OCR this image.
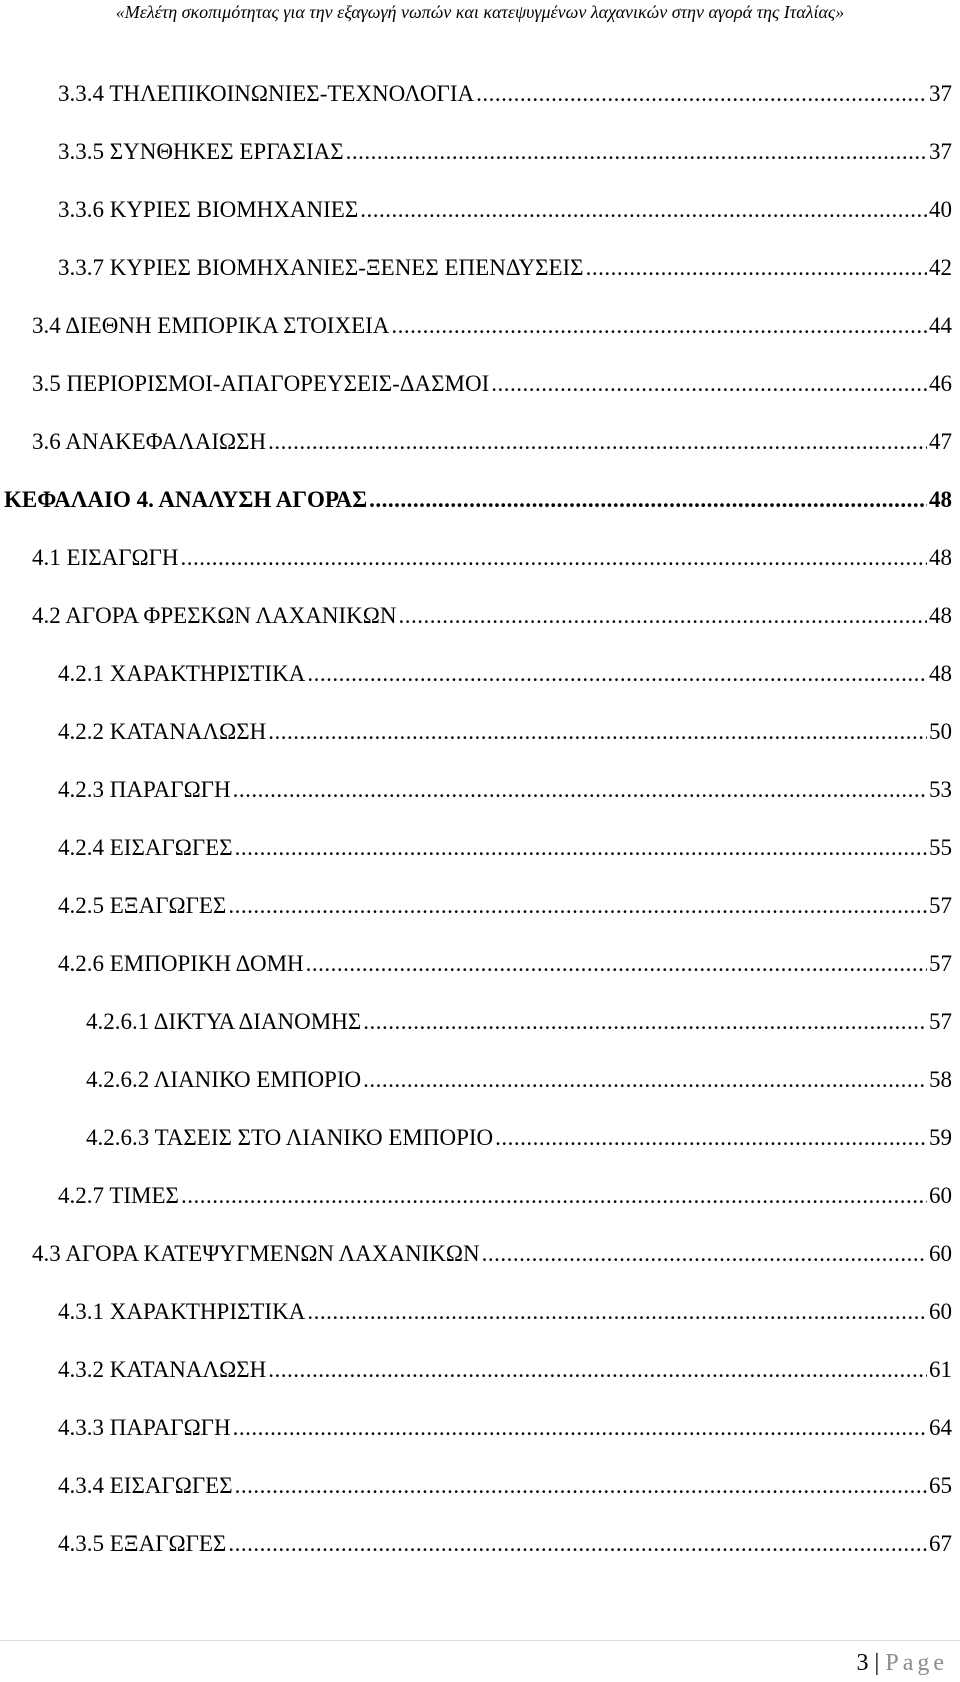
«Μελέτη σκοπιμότητας για την εξαγωγή νωπών και κατεψυγμένων λαχανικών στην αγορά της Ιταλίας»
3.3.4 ΤΗΛΕΠΙΚΟΙΝΩΝΙΕΣ-ΤΕΧΝΟΛΟΓΙΑ .....	37
3.3.5 ΣΥΝΘΗΚΕΣ ΕΡΓΑΣΙΑΣ .....	37
3.3.6 ΚΥΡΙΕΣ ΒΙΟΜΗΧΑΝΙΕΣ .....	40
3.3.7 ΚΥΡΙΕΣ ΒΙΟΜΗΧΑΝΙΕΣ-ΞΕΝΕΣ ΕΠΕΝΔΥΣΕΙΣ .....	42
3.4 ΔΙΕΘΝΗ ΕΜΠΟΡΙΚΑ ΣΤΟΙΧΕΙΑ .....	44
3.5 ΠΕΡΙΟΡΙΣΜΟΙ-ΑΠΑΓΟΡΕΥΣΕΙΣ-ΔΑΣΜΟΙ .....	46
3.6 ΑΝΑΚΕΦΑΛΑΙΩΣΗ .....	47
ΚΕΦΑΛΑΙΟ 4. ΑΝΑΛΥΣΗ ΑΓΟΡΑΣ .....	48
4.1 ΕΙΣΑΓΩΓΗ .....	48
4.2 ΑΓΟΡΑ ΦΡΕΣΚΩΝ ΛΑΧΑΝΙΚΩΝ .....	48
4.2.1 ΧΑΡΑΚΤΗΡΙΣΤΙΚΑ .....	48
4.2.2 ΚΑΤΑΝΑΛΩΣΗ .....	50
4.2.3 ΠΑΡΑΓΩΓΗ .....	53
4.2.4 ΕΙΣΑΓΩΓΕΣ .....	55
4.2.5 ΕΞΑΓΩΓΕΣ .....	57
4.2.6 ΕΜΠΟΡΙΚΗ ΔΟΜΗ .....	57
4.2.6.1 ΔΙΚΤΥΑ ΔΙΑΝΟΜΗΣ .....	57
4.2.6.2 ΛΙΑΝΙΚΟ ΕΜΠΟΡΙΟ .....	58
4.2.6.3 ΤΑΣΕΙΣ ΣΤΟ ΛΙΑΝΙΚΟ ΕΜΠΟΡΙΟ .....	59
4.2.7 ΤΙΜΕΣ .....	60
4.3 ΑΓΟΡΑ ΚΑΤΕΨΥΓΜΕΝΩΝ ΛΑΧΑΝΙΚΩΝ .....	60
4.3.1 ΧΑΡΑΚΤΗΡΙΣΤΙΚΑ .....	60
4.3.2 ΚΑΤΑΝΑΛΩΣΗ .....	61
4.3.3 ΠΑΡΑΓΩΓΗ .....	64
4.3.4 ΕΙΣΑΓΩΓΕΣ .....	65
4.3.5 ΕΞΑΓΩΓΕΣ .....	67
3 | Page
